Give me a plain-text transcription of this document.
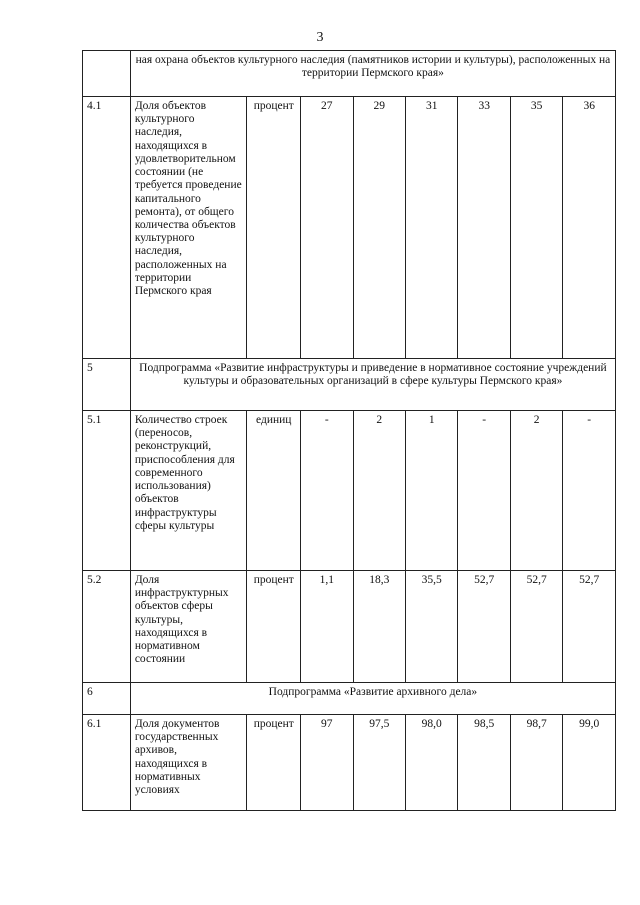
3
	ная охрана объектов культурного наследия (памятников истории и культуры), расположенных на территории Пермского края»							
4.1	Доля объектов культурного наследия, находящихся в удовлетворительном состоянии (не требуется проведение капитального ремонта), от общего количества объектов культурного наследия, расположенных на территории Пермского края	процент	27	29	31	33	35	36
5	Подпрограмма «Развитие инфраструктуры и приведение в нормативное состояние учреждений культуры и образовательных организаций в сфере культуры Пермского края»							
5.1	Количество строек (переносов, реконструкций, приспособления для современного использования) объектов инфраструктуры сферы культуры	единиц	-	2	1	-	2	-
5.2	Доля инфраструктурных объектов сферы культуры, находящихся в нормативном состоянии	процент	1,1	18,3	35,5	52,7	52,7	52,7
6	Подпрограмма «Развитие архивного дела»							
6.1	Доля документов государственных архивов, находящихся в нормативных условиях	процент	97	97,5	98,0	98,5	98,7	99,0
